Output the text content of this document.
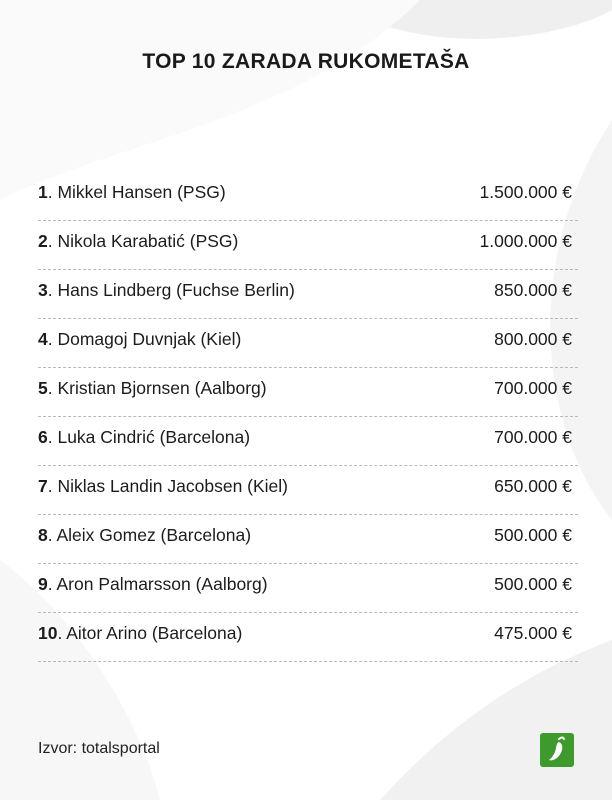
TOP 10 ZARADA RUKOMETAŠA
1. Mikkel Hansen (PSG)	1.500.000 €
2. Nikola Karabatić (PSG)	1.000.000 €
3. Hans Lindberg (Fuchse Berlin)	850.000 €
4. Domagoj Duvnjak (Kiel)	800.000 €
5. Kristian Bjornsen (Aalborg)	700.000 €
6. Luka Cindrić (Barcelona)	700.000 €
7. Niklas Landin Jacobsen (Kiel)	650.000 €
8. Aleix Gomez (Barcelona)	500.000 €
9. Aron Palmarsson (Aalborg)	500.000 €
10. Aitor Arino (Barcelona)	475.000 €
Izvor: totalsportal
